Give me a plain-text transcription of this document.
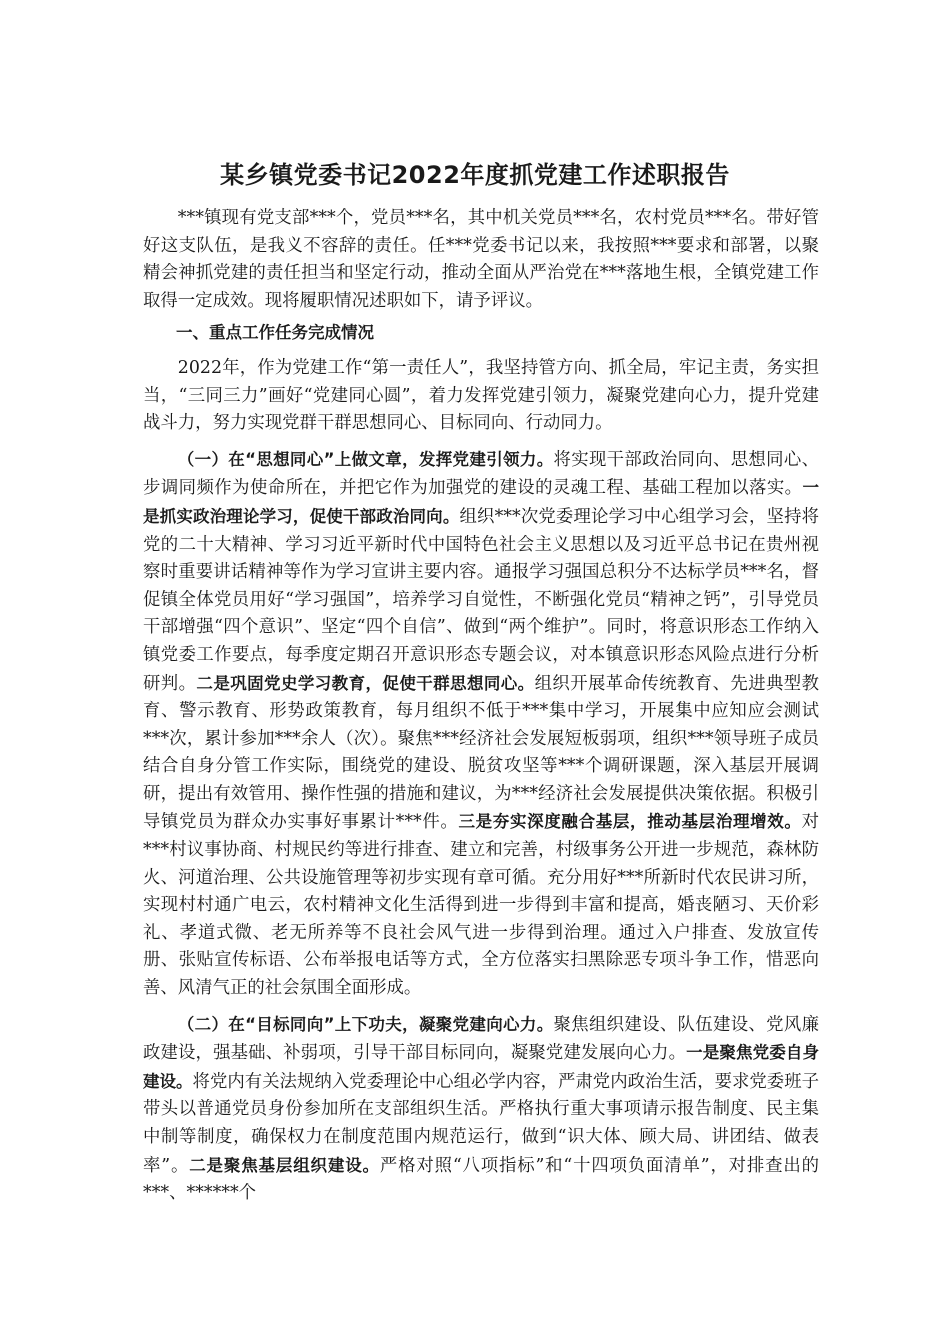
某乡镇党委书记2022年度抓党建工作述职报告

***镇现有党支部***个，党员***名，其中机关党员***名，农村党员***名。带好管好这支队伍，是我义不容辞的责任。任***党委书记以来，我按照***要求和部署，以聚精会神抓党建的责任担当和坚定行动，推动全面从严治党在***落地生根，全镇党建工作取得一定成效。现将履职情况述职如下，请予评议。

一、重点工作任务完成情况

2022年，作为党建工作“第一责任人”，我坚持管方向、抓全局，牢记主责，务实担当，“三同三力”画好“党建同心圆”，着力发挥党建引领力，凝聚党建向心力，提升党建战斗力，努力实现党群干群思想同心、目标同向、行动同力。

（一）在“思想同心”上做文章，发挥党建引领力。将实现干部政治同向、思想同心、步调同频作为使命所在，并把它作为加强党的建设的灵魂工程、基础工程加以落实。一是抓实政治理论学习，促使干部政治同向。组织***次党委理论学习中心组学习会，坚持将党的二十大精神、学习习近平新时代中国特色社会主义思想以及习近平总书记在贵州视察时重要讲话精神等作为学习宣讲主要内容。通报学习强国总积分不达标学员***名，督促镇全体党员用好“学习强国”，培养学习自觉性，不断强化党员“精神之钙”，引导党员干部增强“四个意识”、坚定“四个自信”、做到“两个维护”。同时，将意识形态工作纳入镇党委工作要点，每季度定期召开意识形态专题会议，对本镇意识形态风险点进行分析研判。二是巩固党史学习教育，促使干群思想同心。组织开展革命传统教育、先进典型教育、警示教育、形势政策教育，每月组织不低于***集中学习，开展集中应知应会测试***次，累计参加***余人（次）。聚焦***经济社会发展短板弱项，组织***领导班子成员结合自身分管工作实际，围绕党的建设、脱贫攻坚等***个调研课题，深入基层开展调研，提出有效管用、操作性强的措施和建议，为***经济社会发展提供决策依据。积极引导镇党员为群众办实事好事累计***件。三是夯实深度融合基层，推动基层治理增效。对***村议事协商、村规民约等进行排查、建立和完善，村级事务公开进一步规范，森林防火、河道治理、公共设施管理等初步实现有章可循。充分用好***所新时代农民讲习所，实现村村通广电云，农村精神文化生活得到进一步得到丰富和提高，婚丧陋习、天价彩礼、孝道式微、老无所养等不良社会风气进一步得到治理。通过入户排查、发放宣传册、张贴宣传标语、公布举报电话等方式，全方位落实扫黑除恶专项斗争工作，惜恶向善、风清气正的社会氛围全面形成。

（二）在“目标同向”上下功夫，凝聚党建向心力。聚焦组织建设、队伍建设、党风廉政建设，强基础、补弱项，引导干部目标同向，凝聚党建发展向心力。一是聚焦党委自身建设。将党内有关法规纳入党委理论中心组必学内容，严肃党内政治生活，要求党委班子带头以普通党员身份参加所在支部组织生活。严格执行重大事项请示报告制度、民主集中制等制度，确保权力在制度范围内规范运行，做到“识大体、顾大局、讲团结、做表率”。二是聚焦基层组织建设。严格对照“八项指标”和“十四项负面清单”，对排查出的***、******个
